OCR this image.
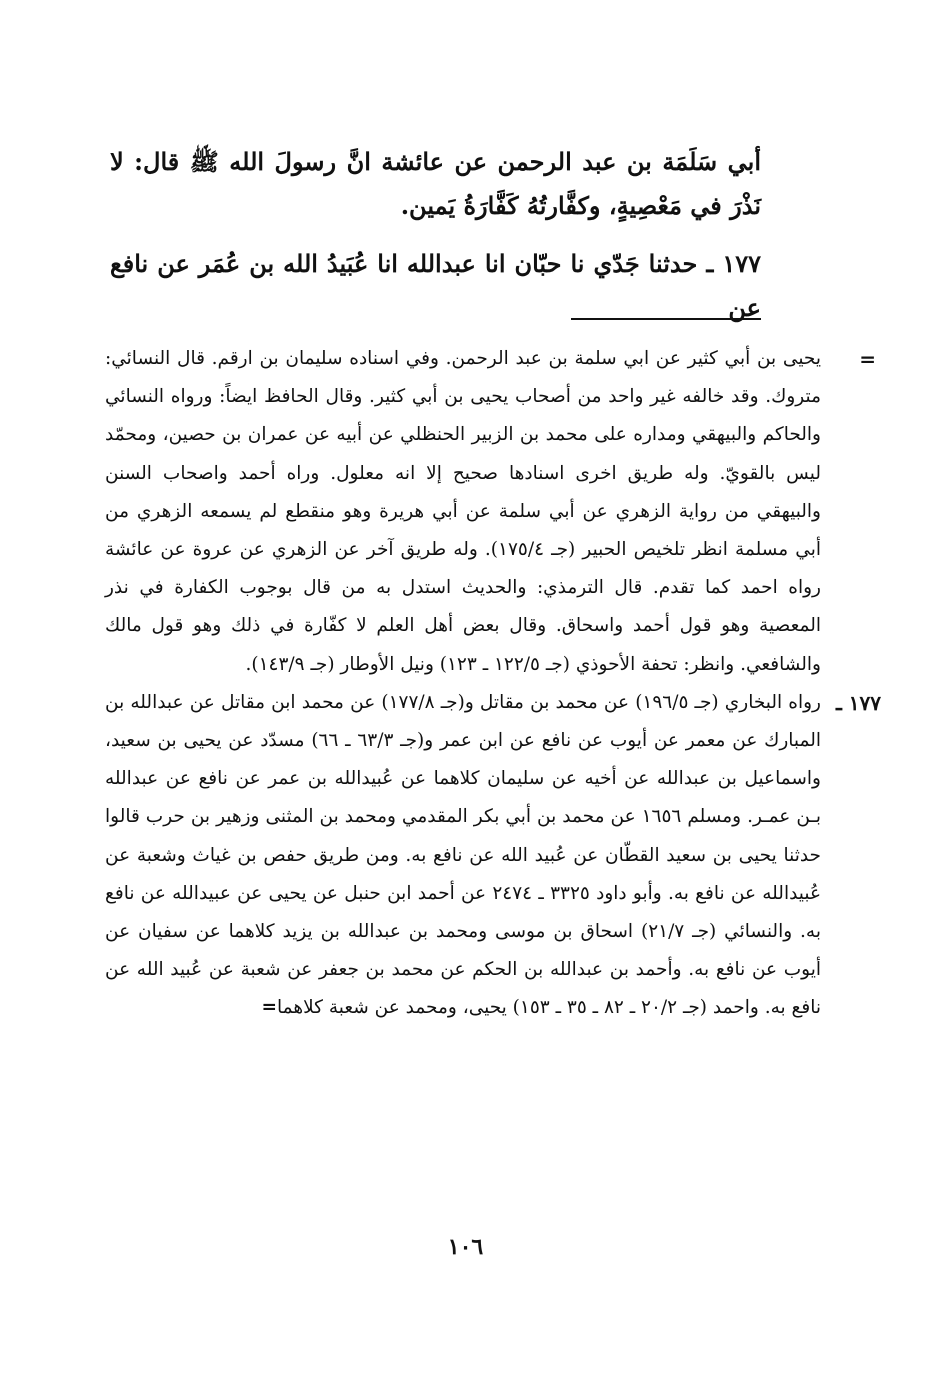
أبي سَلَمَة بن عبد الرحمن عن عائشة انَّ رسولَ الله ﷺ قال: لا نَذْرَ في مَعْصِيةٍ، وكفَّارتُهُ كَفَّارَةُ يَمين.

١٧٧ ـ حدثنا جَدّي نا حبّان انا عبدالله انا عُبَيدُ الله بن عُمَر عن نافع عن

=
يحيى بن أبي كثير عن ابي سلمة بن عبد الرحمن. وفي اسناده سليمان بن ارقم. قال النسائي: متروك. وقد خالفه غير واحد من أصحاب يحيى بن أبي كثير. وقال الحافظ ايضاً: ورواه النسائي والحاكم والبيهقي ومداره على محمد بن الزبير الحنظلي عن أبيه عن عمران بن حصين، ومحمّد ليس بالقويّ. وله طريق اخرى اسنادها صحيح إلا انه معلول. وراه أحمد واصحاب السنن والبيهقي من رواية الزهري عن أبي سلمة عن أبي هريرة وهو منقطع لم يسمعه الزهري من أبي مسلمة انظر تلخيص الحبير (جـ ١٧٥/٤). وله طريق آخر عن الزهري عن عروة عن عائشة رواه احمد كما تقدم. قال الترمذي: والحديث استدل به من قال بوجوب الكفارة في نذر المعصية وهو قول أحمد واسحاق. وقال بعض أهل العلم لا كفّارة في ذلك وهو قول مالك والشافعي. وانظر: تحفة الأحوذي (جـ ١٢٢/٥ ـ ١٢٣) ونيل الأوطار (جـ ١٤٣/٩).
١٧٧ ـ
رواه البخاري (جـ ١٩٦/٥) عن محمد بن مقاتل و(جـ ١٧٧/٨) عن محمد ابن مقاتل عن عبدالله بن المبارك عن معمر عن أيوب عن نافع عن ابن عمر و(جـ ٦٣/٣ ـ ٦٦) مسدّد عن يحيى بن سعيد، واسماعيل بن عبدالله عن أخيه عن سليمان كلاهما عن عُبيدالله بن عمر عن نافع عن عبدالله بـن عمـر. ومسلم ١٦٥٦ عن محمد بن أبي بكر المقدمي ومحمد بن المثنى وزهير بن حرب قالوا حدثنا يحيى بن سعيد القطّان عن عُبيد الله عن نافع به. ومن طريق حفص بن غياث وشعبة عن عُبيدالله عن نافع به. وأبو داود ٣٣٢٥ ـ ٢٤٧٤ عن أحمد ابن حنبل عن يحيى عن عبيدالله عن نافع به. والنسائي (جـ ٢١/٧) اسحاق بن موسى ومحمد بن عبدالله بن يزيد كلاهما عن سفيان عن أيوب عن نافع به. وأحمد بن عبدالله بن الحكم عن محمد بن جعفر عن شعبة عن عُبيد الله عن نافع به. واحمد (جـ ٢٠/٢ ـ ٨٢ ـ ٣٥ ـ ١٥٣) يحيى، ومحمد عن شعبة كلاهما=
١٠٦
